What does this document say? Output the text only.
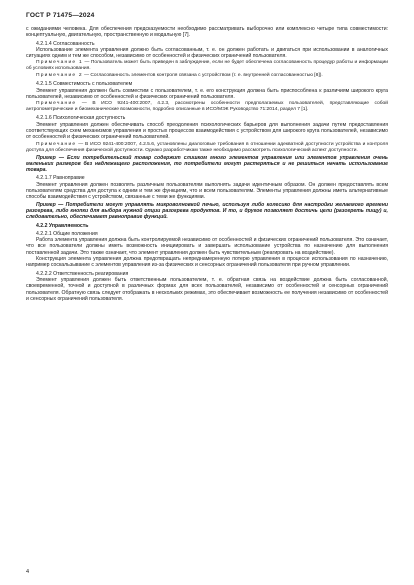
ГОСТ Р 71475—2024

с ожиданиями человека. Для обеспечения предсказуемости необходимо рассматривать выборочно или комплексно четыре типа совместимости: концептуальную, двигательную, пространственную и модальную [7].

4.2.1.4 Согласованность

Использование элемента управления должно быть согласованным, т. е. он должен работать и двигаться при использовании в аналогичных ситуациях одним и тем же способом, независимо от особенностей и физических ограничений пользователя.

Примечание 1 — Пользователь может быть приведен в заблуждение, если не будет обеспечена согласованность процедур работы и информации об условиях использования.

Примечание 2 — Согласованность элементов контроля связана с устройством (т. е. внутренней согласованностью [8]).

4.2.1.5 Совместимость с пользователем

Элемент управления должен быть совместим с пользователем, т. е. его конструкция должна быть приспособлена к различиям широкого круга пользователей, независимо от особенностей и физических ограничений пользователя.

Примечание — В ИСО 9241-400:2007, 4.2.3, рассмотрены особенности предполагаемых пользователей, представляющие собой антропометрические и биомеханические возможности, подробно описанные в ИСО/МЭК Руководство 71:2014, раздел 7 [1].

4.2.1.6 Психологическая доступность

Элемент управления должен обеспечивать способ преодоления психологических барьеров для выполнения задачи путем предоставления соответствующих схем механизмов управления и простых процессов взаимодействия с устройством для широкого круга пользователей, независимо от особенностей и физических ограничений пользователей.

Примечание — В ИСО 9241-400:2007, 4.2.5.6, установлены диалоговые требования в отношении адекватной доступности устройства и контроля доступа для обеспечения физической доступности. Однако разработчикам также необходимо рассмотреть психологический аспект доступности.

Пример — Если потребительский товар содержит слишком много элементов управления или элементов управления очень маленьких размеров без надлежащего расположения, то потребители могут растеряться и не решиться начать использование товара.

4.2.1.7 Равноправие

Элемент управления должен позволять различным пользователям выполнять задачи идентичным образом. Он должен предоставлять всем пользователям средства для доступа к одним и тем же функциям, что и всем пользователям. Элементы управления должны иметь альтернативные способы взаимодействия с устройством, связанные с теми же функциями.

Пример — Потребители могут управлять микроволновкой печью, используя либо колесико для настройки желаемого времени разогрева, либо кнопки для выбора нужной опции разогрева продуктов. И то, и другое позволяет достичь цели (разогреть пищу) и, следовательно, обеспечивает равноправие функций.

4.2.2 Управляемость

4.2.2.1 Общие положения

Работа элемента управления должна быть контролируемой независимо от особенностей и физических ограничений пользователя. Это означает, что все пользователи должны иметь возможность инициировать и завершать использование устройства по назначению для выполнения поставленной задачи. Это также означает, что элемент управления должен быть чувствительным (реагировать на воздействие).

Конструкция элемента управления должна предотвращать непреднамеренную потерю управления в процессе использования по назначению, например соскальзывание с элементов управления из-за физических и сенсорных ограничений пользователя при ручном управлении.

4.2.2.2 Ответственность реагирования

Элемент управления должен быть ответственным пользователем, т. е. обратная связь на воздействие должна быть согласованной, своевременной, точной и доступной в различных формах для всех пользователей, независимо от особенностей и сенсорных ограничений пользователя. Обратную связь следует отображать в нескольких режимах, это обеспечивает возможность ее получения независимо от особенностей и сенсорных ограничений пользователя.

4
